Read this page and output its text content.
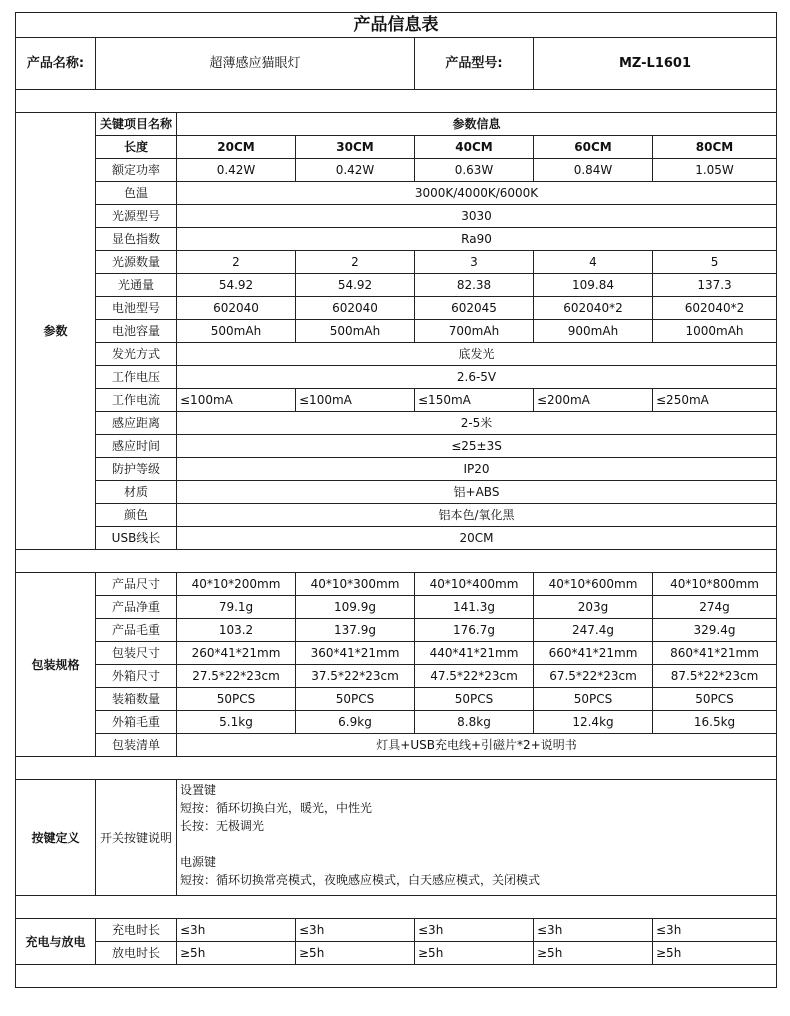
产品信息表						
产品名称:	超薄感应猫眼灯			产品型号:	MZ-L1601	

参数	关键项目名称	参数信息				
	长度	20CM	30CM	40CM	60CM	80CM
	额定功率	0.42W	0.42W	0.63W	0.84W	1.05W
	色温	3000K/4000K/6000K				
	光源型号	3030				
	显色指数	Ra90				
	光源数量	2	2	3	4	5
	光通量	54.92	54.92	82.38	109.84	137.3
	电池型号	602040	602040	602045	602040*2	602040*2
	电池容量	500mAh	500mAh	700mAh	900mAh	1000mAh
	发光方式	底发光				
	工作电压	2.6-5V				
	工作电流	≤100mA	≤100mA	≤150mA	≤200mA	≤250mA
	感应距离	2-5米				
	感应时间	≤25±3S				
	防护等级	IP20				
	材质	铝+ABS				
	颜色	铝本色/氧化黑				
	USB线长	20CM				

包装规格	产品尺寸	40*10*200mm	40*10*300mm	40*10*400mm	40*10*600mm	40*10*800mm
	产品净重	79.1g	109.9g	141.3g	203g	274g
	产品毛重	103.2	137.9g	176.7g	247.4g	329.4g
	包装尺寸	260*41*21mm	360*41*21mm	440*41*21mm	660*41*21mm	860*41*21mm
	外箱尺寸	27.5*22*23cm	37.5*22*23cm	47.5*22*23cm	67.5*22*23cm	87.5*22*23cm
	装箱数量	50PCS	50PCS	50PCS	50PCS	50PCS
	外箱毛重	5.1kg	6.9kg	8.8kg	12.4kg	16.5kg
	包装清单	灯具+USB充电线+引磁片*2+说明书				

按键定义	开关按键说明	设置键
短按：循环切换白光，暖光，中性光
长按：无极调光

电源键
短按：循环切换常亮模式，夜晚感应模式，白天感应模式，关闭模式				

充电与放电	充电时长	≤3h	≤3h	≤3h	≤3h	≤3h
	放电时长	≥5h	≥5h	≥5h	≥5h	≥5h
